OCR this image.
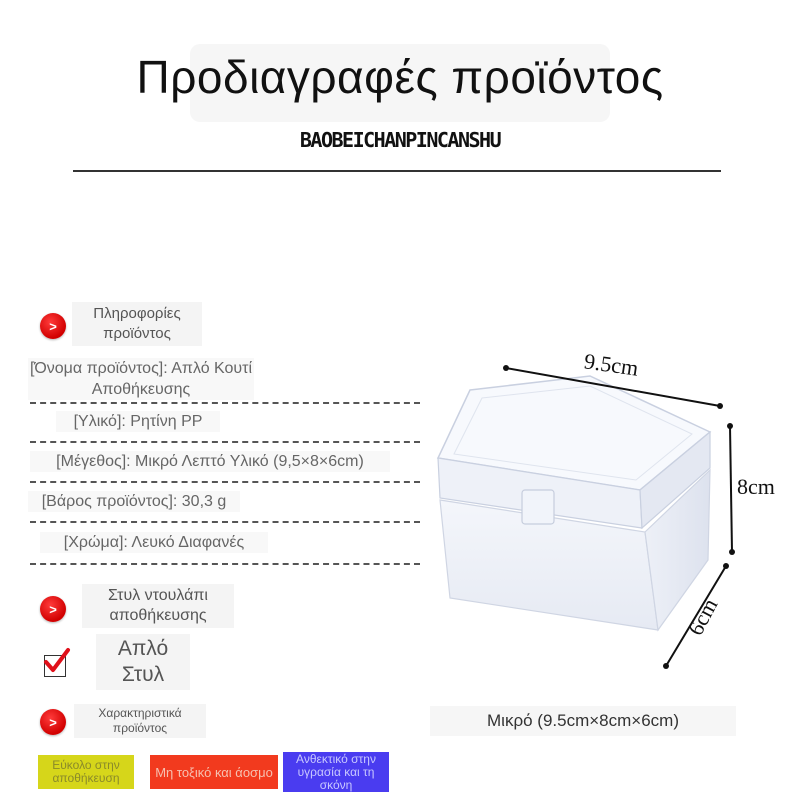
Προδιαγραφές προϊόντος
BAOBEICHANPINCANSHU
>
Πληροφορίες προϊόντος
[Όνομα προϊόντος]: Απλό Κουτί Αποθήκευσης
[Υλικό]: Ρητίνη PP
[Μέγεθος]: Μικρό Λεπτό Υλικό (9,5×8×6cm)
[Βάρος προϊόντος]: 30,3 g
[Χρώμα]: Λευκό Διαφανές
>
Στυλ ντουλάπι αποθήκευσης
Απλό Στυλ
>
Χαρακτηριστικά προϊόντος
Εύκολο στην αποθήκευση	Μη τοξικό και άοσμο
Ανθεκτικό στην υγρασία και τη σκόνη
9.5cm
8cm
6cm
Μικρό (9.5cm×8cm×6cm)
